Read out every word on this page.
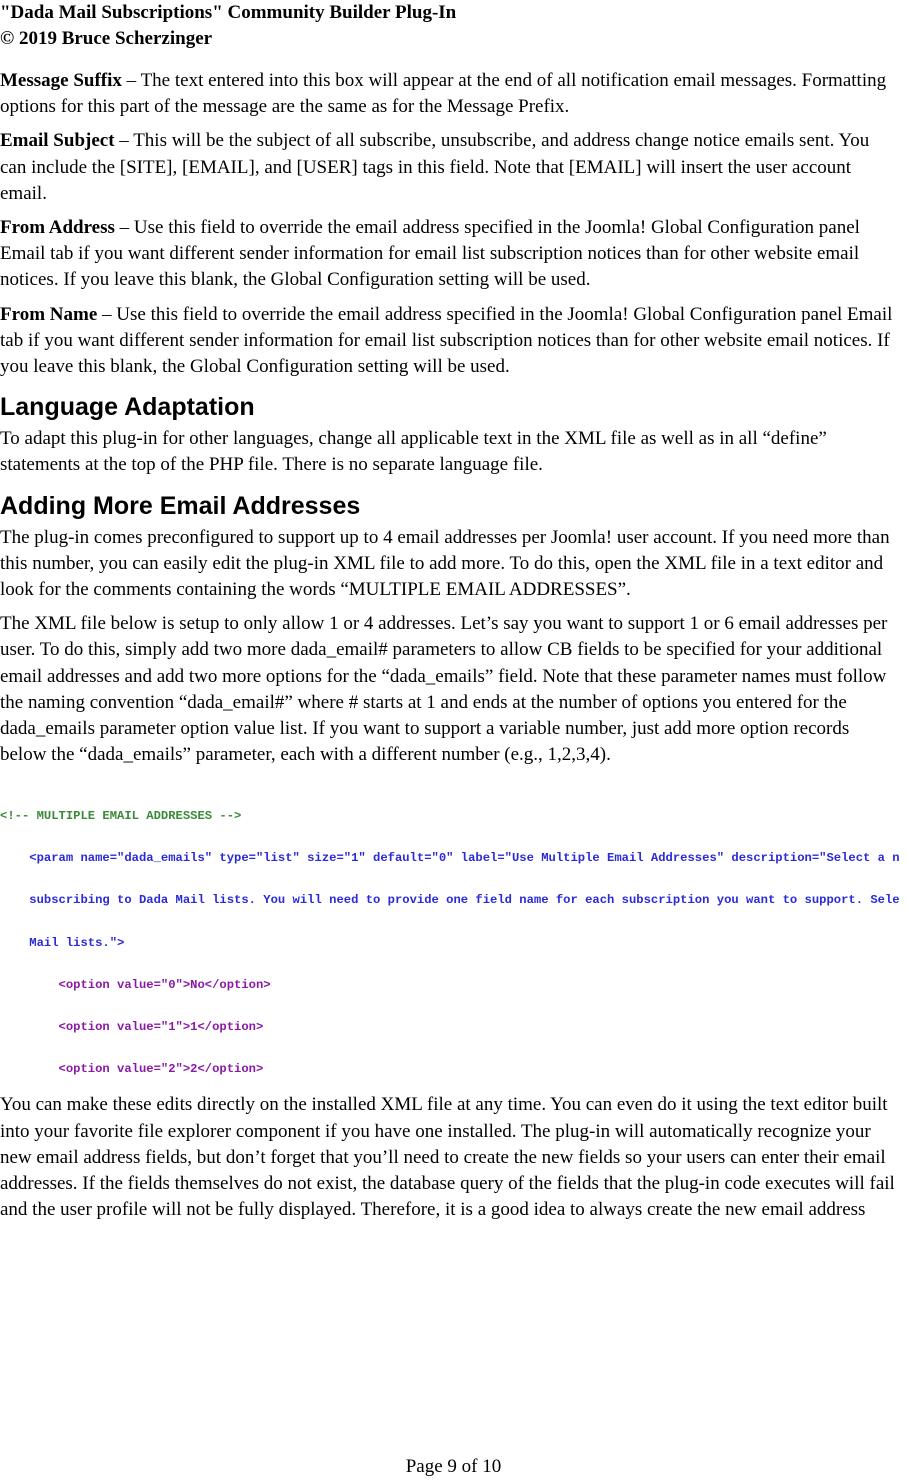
"Dada Mail Subscriptions" Community Builder Plug-In
© 2019 Bruce Scherzinger

Message Suffix – The text entered into this box will appear at the end of all notification email messages. Formatting options for this part of the message are the same as for the Message Prefix.

Email Subject – This will be the subject of all subscribe, unsubscribe, and address change notice emails sent. You can include the [SITE], [EMAIL], and [USER] tags in this field. Note that [EMAIL] will insert the user account email.

From Address – Use this field to override the email address specified in the Joomla! Global Configuration panel Email tab if you want different sender information for email list subscription notices than for other website email notices. If you leave this blank, the Global Configuration setting will be used.

From Name – Use this field to override the email address specified in the Joomla! Global Configuration panel Email tab if you want different sender information for email list subscription notices than for other website email notices. If you leave this blank, the Global Configuration setting will be used.

Language Adaptation

To adapt this plug-in for other languages, change all applicable text in the XML file as well as in all “define” statements at the top of the PHP file. There is no separate language file.

Adding More Email Addresses

The plug-in comes preconfigured to support up to 4 email addresses per Joomla! user account. If you need more than this number, you can easily edit the plug-in XML file to add more. To do this, open the XML file in a text editor and look for the comments containing the words “MULTIPLE EMAIL ADDRESSES”.

The XML file below is setup to only allow 1 or 4 addresses. Let’s say you want to support 1 or 6 email addresses per user. To do this, simply add two more dada_email# parameters to allow CB fields to be specified for your additional email addresses and add two more options for the “dada_emails” field. Note that these parameter names must follow the naming convention “dada_email#” where # starts at 1 and ends at the number of options you entered for the dada_emails parameter option value list. If you want to support a variable number, just add more option records below the “dada_emails” parameter, each with a different number (e.g., 1,2,3,4).

<!-- MULTIPLE EMAIL ADDRESSES -->

<param name="dada_emails" type="list" size="1" default="0" label="Use Multiple Email Addresses" description="Select a n

subscribing to Dada Mail lists. You will need to provide one field name for each subscription you want to support. Sele

Mail lists.">

<option value="0">No</option>

<option value="1">1</option>

<option value="2">2</option>

You can make these edits directly on the installed XML file at any time. You can even do it using the text editor built into your favorite file explorer component if you have one installed. The plug-in will automatically recognize your new email address fields, but don’t forget that you’ll need to create the new fields so your users can enter their email addresses. If the fields themselves do not exist, the database query of the fields that the plug-in code executes will fail and the user profile will not be fully displayed. Therefore, it is a good idea to always create the new email address

Page 9 of 10
